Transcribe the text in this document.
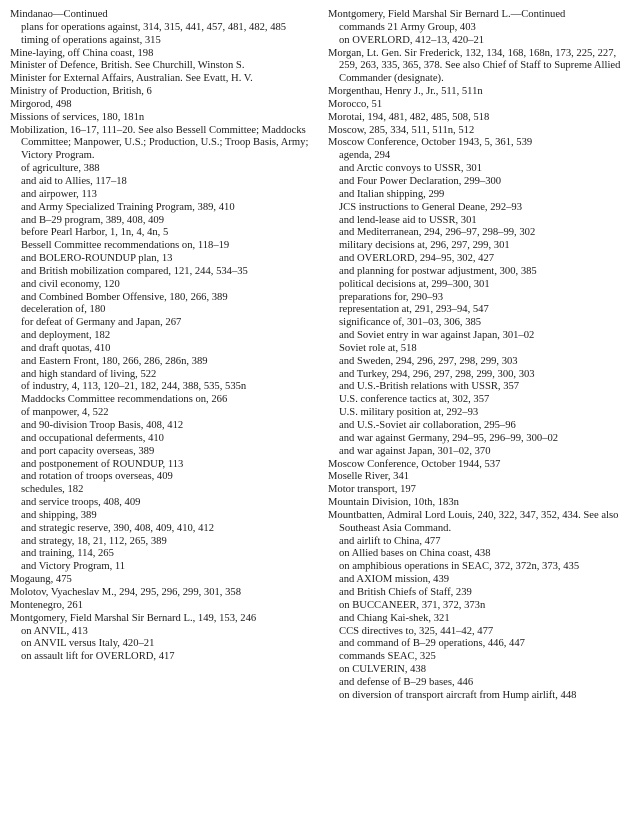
Mindanao—Continued

plans for operations against, 314, 315, 441, 457, 481, 482, 485

timing of operations against, 315

Mine-laying, off China coast, 198

Minister of Defence, British. See Churchill, Winston S.

Minister for External Affairs, Australian. See Evatt, H. V.

Ministry of Production, British, 6

Mirgorod, 498

Missions of services, 180, 181n

Mobilization, 16–17, 111–20. See also Bessell Committee; Maddocks Committee; Manpower, U.S.; Production, U.S.; Troop Basis, Army; Victory Program.

of agriculture, 388

and aid to Allies, 117–18

and airpower, 113

and Army Specialized Training Program, 389, 410

and B–29 program, 389, 408, 409

before Pearl Harbor, 1, 1n, 4, 4n, 5

Bessell Committee recommendations on, 118–19

and BOLERO-ROUNDUP plan, 13

and British mobilization compared, 121, 244, 534–35

and civil economy, 120

and Combined Bomber Offensive, 180, 266, 389

deceleration of, 180

for defeat of Germany and Japan, 267

and deployment, 182

and draft quotas, 410

and Eastern Front, 180, 266, 286, 286n, 389

and high standard of living, 522

of industry, 4, 113, 120–21, 182, 244, 388, 535, 535n

Maddocks Committee recommendations on, 266

of manpower, 4, 522

and 90-division Troop Basis, 408, 412

and occupational deferments, 410

and port capacity overseas, 389

and postponement of ROUNDUP, 113

and rotation of troops overseas, 409

schedules, 182

and service troops, 408, 409

and shipping, 389

and strategic reserve, 390, 408, 409, 410, 412

and strategy, 18, 21, 112, 265, 389

and training, 114, 265

and Victory Program, 11

Mogaung, 475

Molotov, Vyacheslav M., 294, 295, 296, 299, 301, 358

Montenegro, 261

Montgomery, Field Marshal Sir Bernard L., 149, 153, 246

on ANVIL, 413

on ANVIL versus Italy, 420–21

on assault lift for OVERLORD, 417

Montgomery, Field Marshal Sir Bernard L.—Continued

commands 21 Army Group, 403

on OVERLORD, 412–13, 420–21

Morgan, Lt. Gen. Sir Frederick, 132, 134, 168, 168n, 173, 225, 227, 259, 263, 335, 365, 378. See also Chief of Staff to Supreme Allied Commander (designate).

Morgenthau, Henry J., Jr., 511, 511n

Morocco, 51

Morotai, 194, 481, 482, 485, 508, 518

Moscow, 285, 334, 511, 511n, 512

Moscow Conference, October 1943, 5, 361, 539

agenda, 294

and Arctic convoys to USSR, 301

and Four Power Declaration, 299–300

and Italian shipping, 299

JCS instructions to General Deane, 292–93

and lend-lease aid to USSR, 301

and Mediterranean, 294, 296–97, 298–99, 302

military decisions at, 296, 297, 299, 301

and OVERLORD, 294–95, 302, 427

and planning for postwar adjustment, 300, 385

political decisions at, 299–300, 301

preparations for, 290–93

representation at, 291, 293–94, 547

significance of, 301–03, 306, 385

and Soviet entry in war against Japan, 301–02

Soviet role at, 518

and Sweden, 294, 296, 297, 298, 299, 303

and Turkey, 294, 296, 297, 298, 299, 300, 303

and U.S.-British relations with USSR, 357

U.S. conference tactics at, 302, 357

U.S. military position at, 292–93

and U.S.-Soviet air collaboration, 295–96

and war against Germany, 294–95, 296–99, 300–02

and war against Japan, 301–02, 370

Moscow Conference, October 1944, 537

Moselle River, 341

Motor transport, 197

Mountain Division, 10th, 183n

Mountbatten, Admiral Lord Louis, 240, 322, 347, 352, 434. See also Southeast Asia Command.

and airlift to China, 477

on Allied bases on China coast, 438

on amphibious operations in SEAC, 372, 372n, 373, 435

and AXIOM mission, 439

and British Chiefs of Staff, 239

on BUCCANEER, 371, 372, 373n

and Chiang Kai-shek, 321

CCS directives to, 325, 441–42, 477

and command of B–29 operations, 446, 447

commands SEAC, 325

on CULVERIN, 438

and defense of B–29 bases, 446

on diversion of transport aircraft from Hump airlift, 448
